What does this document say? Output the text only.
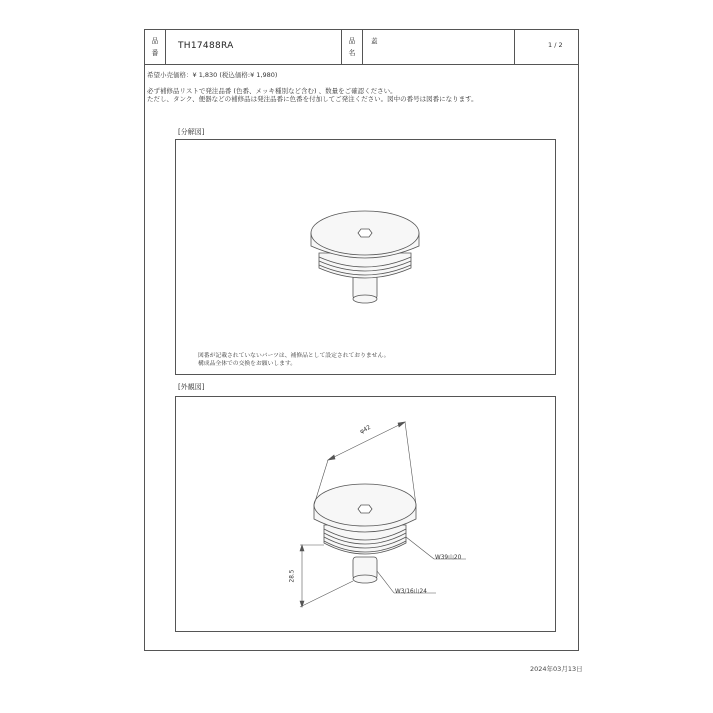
品
番
TH17488RA	品
名
蓋	1 / 2
希望小売価格：¥ 1,830 (税込価格:¥ 1,980)
必ず補修品リストで発注品番 (色番、メッキ種別など含む) 、数量をご確認ください。
ただし、タンク、便器などの補修品は発注品番に色番を付加してご発注ください。図中の番号は図番になります。
[分解図]
図番が記載されていないパーツは、補修品として設定されておりません。
構成品全体での交換をお願いします。
[外観図]
φ42
28.5
W39山20
W3/16山24
2024年03月13日
